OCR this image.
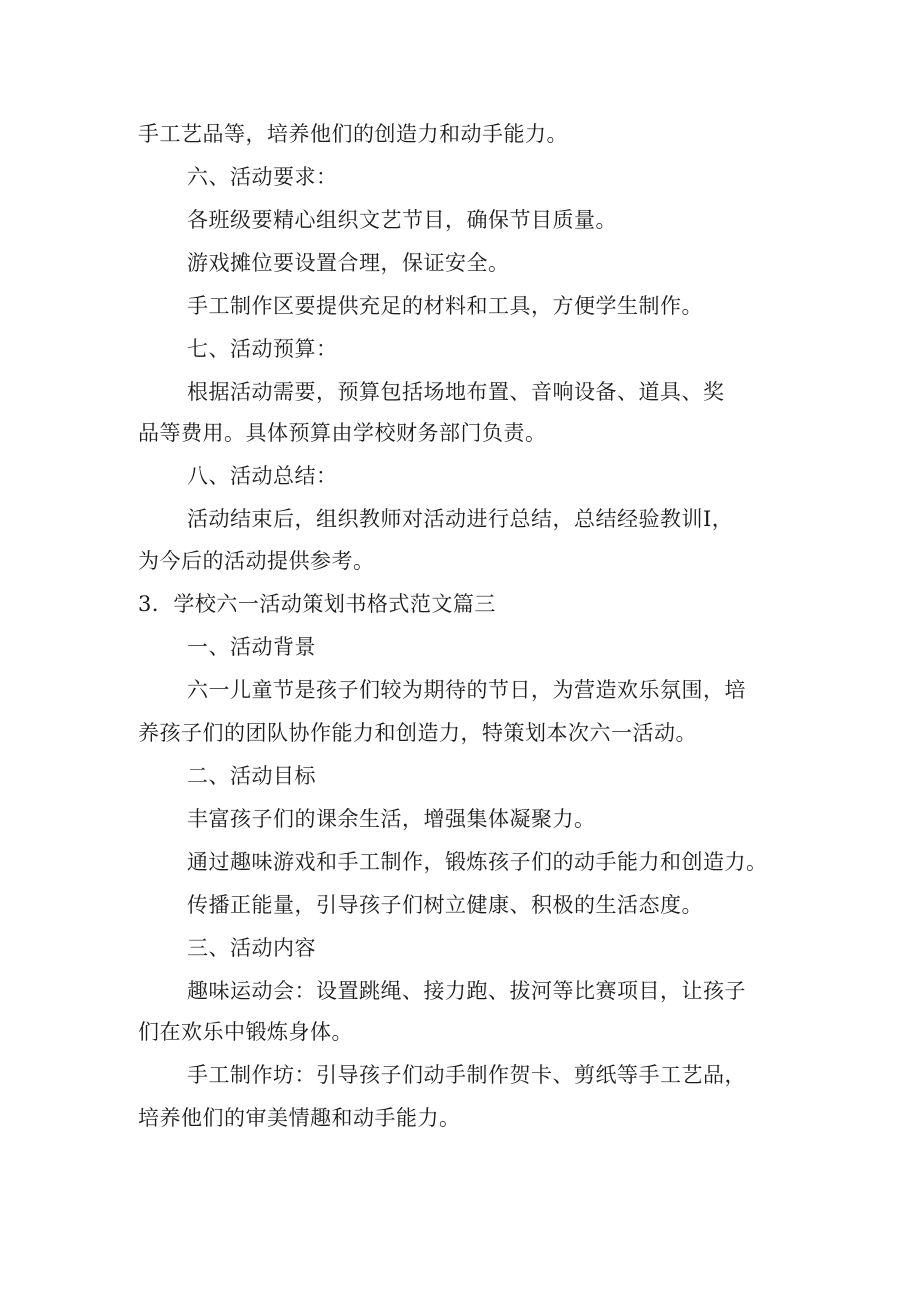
手工艺品等，培养他们的创造力和动手能力。
六、活动要求：
各班级要精心组织文艺节目，确保节目质量。
游戏摊位要设置合理，保证安全。
手工制作区要提供充足的材料和工具，方便学生制作。
七、活动预算：
根据活动需要，预算包括场地布置、音响设备、道具、奖
品等费用。具体预算由学校财务部门负责。
八、活动总结：
活动结束后，组织教师对活动进行总结，总结经验教训I，
为今后的活动提供参考。
3．学校六一活动策划书格式范文篇三
一、活动背景
六一儿童节是孩子们较为期待的节日，为营造欢乐氛围，培
养孩子们的团队协作能力和创造力，特策划本次六一活动。
二、活动目标
丰富孩子们的课余生活，增强集体凝聚力。
通过趣味游戏和手工制作，锻炼孩子们的动手能力和创造力。
传播正能量，引导孩子们树立健康、积极的生活态度。
三、活动内容
趣味运动会：设置跳绳、接力跑、拔河等比赛项目，让孩子
们在欢乐中锻炼身体。
手工制作坊：引导孩子们动手制作贺卡、剪纸等手工艺品，
培养他们的审美情趣和动手能力。
